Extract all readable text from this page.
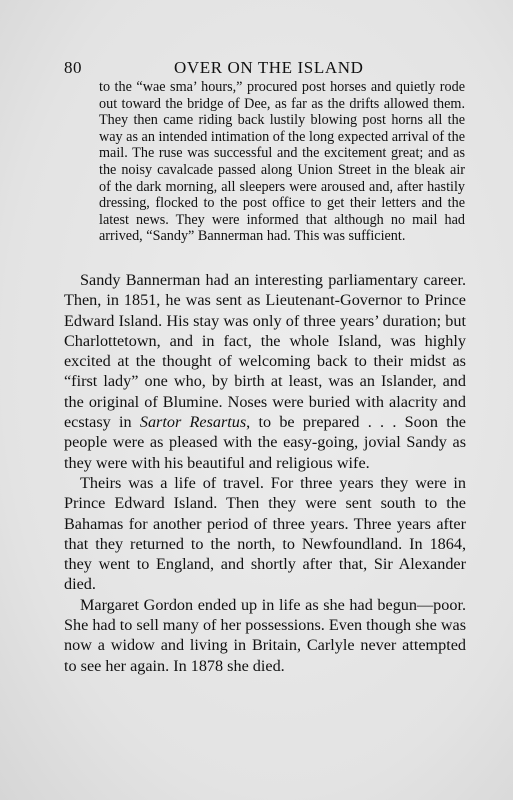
80	OVER ON THE ISLAND

to the “wae sma’ hours,” procured post horses and quietly rode out toward the bridge of Dee, as far as the drifts allowed them. They then came riding back lustily blowing post horns all the way as an intended intimation of the long expected arrival of the mail. The ruse was successful and the excitement great; and as the noisy cavalcade passed along Union Street in the bleak air of the dark morning, all sleepers were aroused and, after hastily dressing, flocked to the post office to get their letters and the latest news. They were informed that although no mail had arrived, “Sandy” Bannerman had. This was sufficient.

Sandy Bannerman had an interesting parliamentary career. Then, in 1851, he was sent as Lieutenant-Governor to Prince Edward Island. His stay was only of three years’ duration; but Charlottetown, and in fact, the whole Island, was highly excited at the thought of welcoming back to their midst as “first lady” one who, by birth at least, was an Islander, and the original of Blumine. Noses were buried with alacrity and ecstasy in Sartor Resartus, to be prepared . . . Soon the people were as pleased with the easy-going, jovial Sandy as they were with his beautiful and religious wife.

Theirs was a life of travel. For three years they were in Prince Edward Island. Then they were sent south to the Bahamas for another period of three years. Three years after that they returned to the north, to Newfoundland. In 1864, they went to England, and shortly after that, Sir Alexander died.

Margaret Gordon ended up in life as she had begun—poor. She had to sell many of her possessions. Even though she was now a widow and living in Britain, Carlyle never attempted to see her again. In 1878 she died.
